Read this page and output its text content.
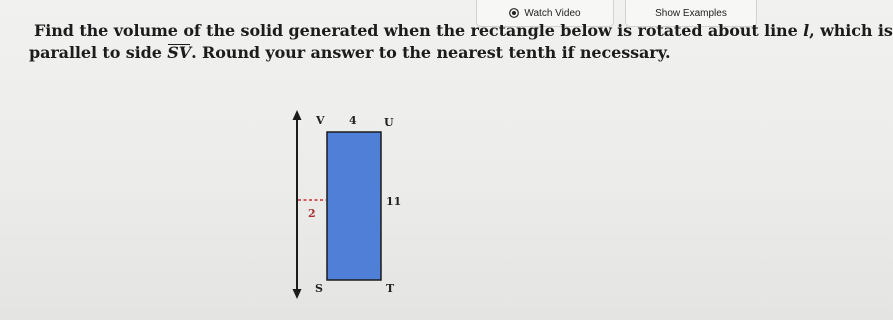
Watch Video	Show Examples
Find the volume of the solid generated when the rectangle below is rotated about line l, which is
parallel to side SV. Round your answer to the nearest tenth if necessary.
V 4 U
11
2
S	T
